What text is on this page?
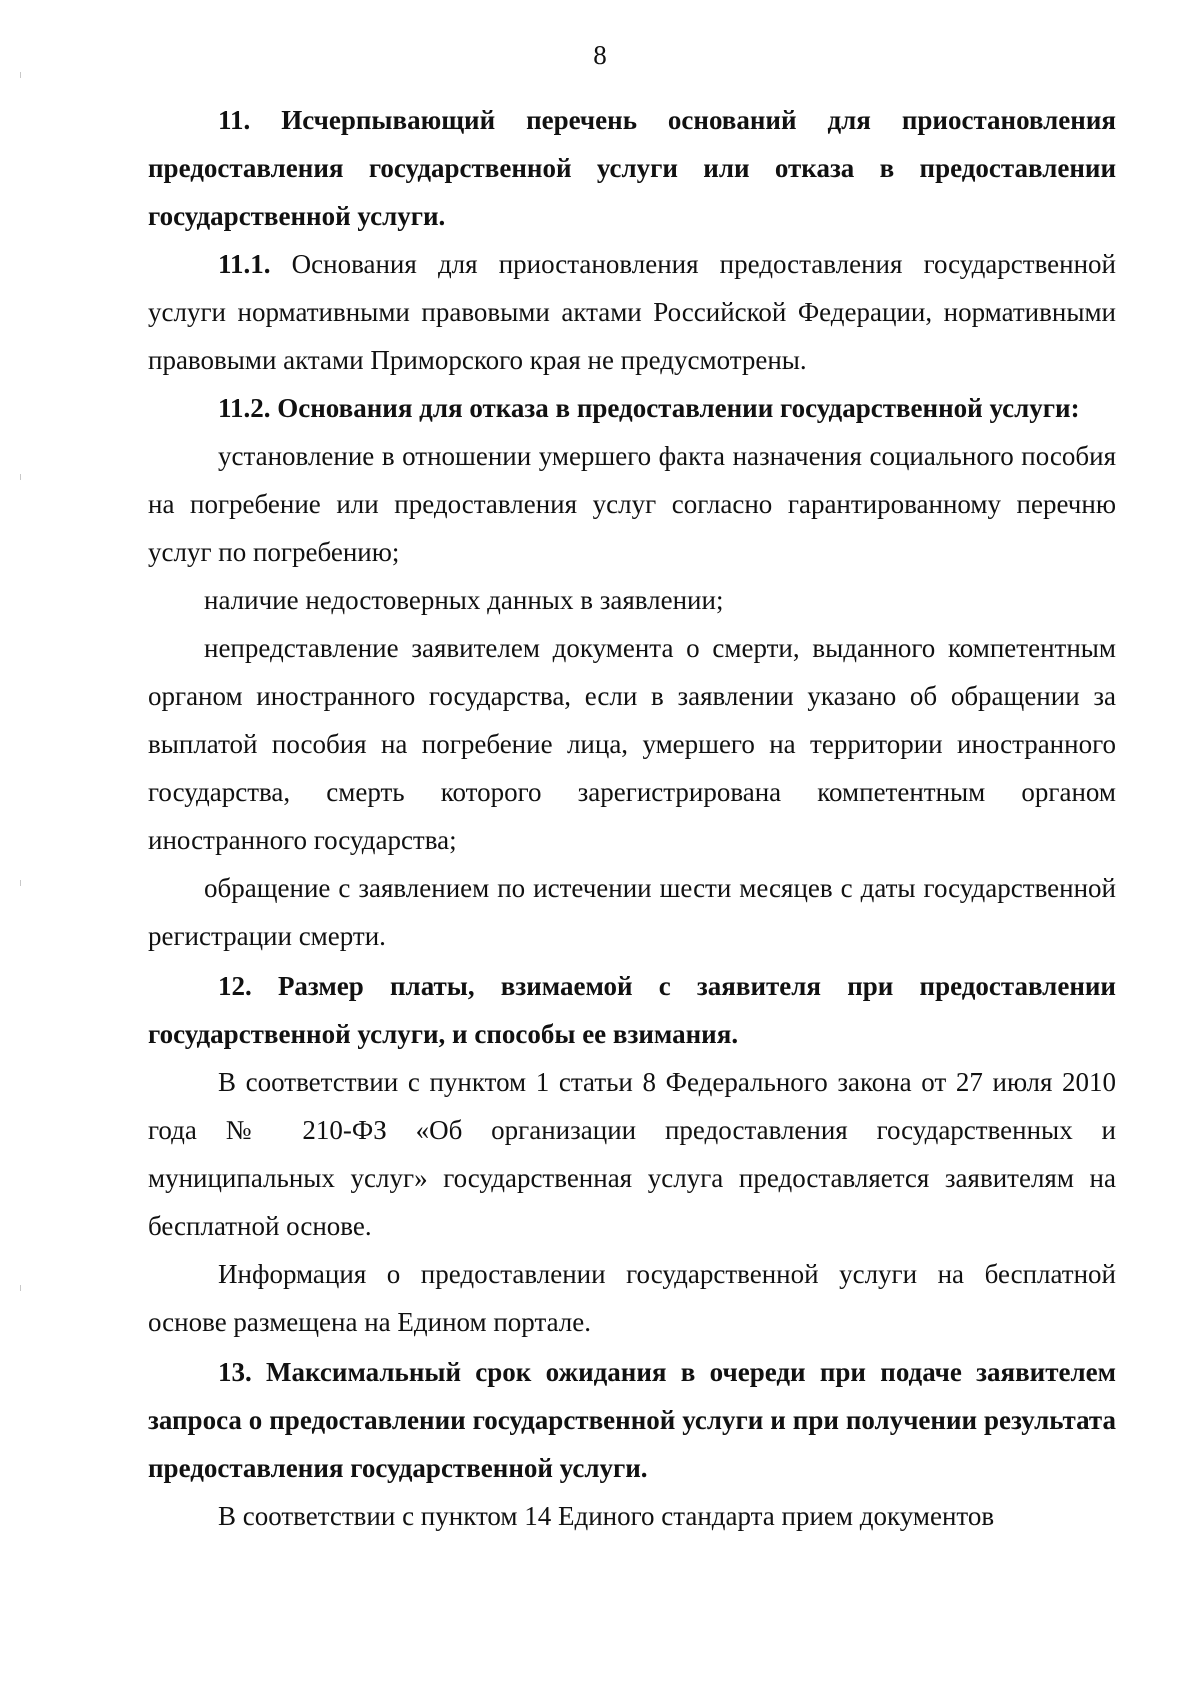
8

11. Исчерпывающий перечень оснований для приостановления предоставления государственной услуги или отказа в предоставлении государственной услуги.

11.1. Основания для приостановления предоставления государственной услуги нормативными правовыми актами Российской Федерации, нормативными правовыми актами Приморского края не предусмотрены.

11.2. Основания для отказа в предоставлении государственной услуги:

установление в отношении умершего факта назначения социального пособия на погребение или предоставления услуг согласно гарантированному перечню услуг по погребению;

наличие недостоверных данных в заявлении;

непредставление заявителем документа о смерти, выданного компетентным органом иностранного государства, если в заявлении указано об обращении за выплатой пособия на погребение лица, умершего на территории иностранного государства, смерть которого зарегистрирована компетентным органом иностранного государства;

обращение с заявлением по истечении шести месяцев с даты государственной регистрации смерти.

12. Размер платы, взимаемой с заявителя при предоставлении государственной услуги, и способы ее взимания.

В соответствии с пунктом 1 статьи 8 Федерального закона от 27 июля 2010 года № 210-ФЗ «Об организации предоставления государственных и муниципальных услуг» государственная услуга предоставляется заявителям на бесплатной основе.

Информация о предоставлении государственной услуги на бесплатной основе размещена на Едином портале.

13. Максимальный срок ожидания в очереди при подаче заявителем запроса о предоставлении государственной услуги и при получении результата предоставления государственной услуги.

В соответствии с пунктом 14 Единого стандарта прием документов
